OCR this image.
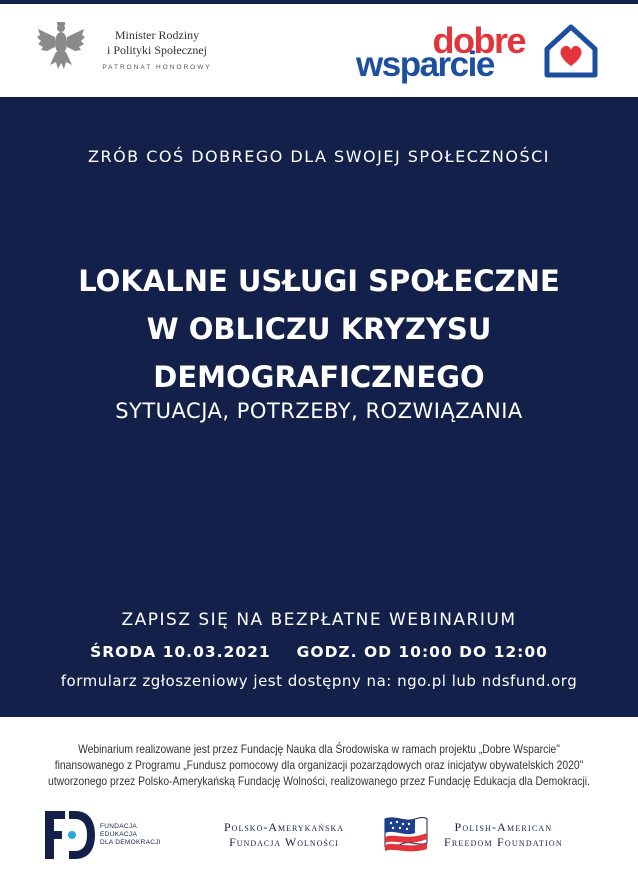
Minister Rodziny
i Polityki Społecznej
PATRONAT HONOROWY
dobre
wsparcie
ZRÓB COŚ DOBREGO DLA SWOJEJ SPOŁECZNOŚCI
LOKALNE USŁUGI SPOŁECZNE
W OBLICZU KRYZYSU
DEMOGRAFICZNEGO
SYTUACJA, POTRZEBY, ROZWIĄZANIA
ZAPISZ SIĘ NA BEZPŁATNE WEBINARIUM
ŚRODA 10.03.2021 GODZ. OD 10:00 DO 12:00
formularz zgłoszeniowy jest dostępny na: ngo.pl lub ndsfund.org
Webinarium realizowane jest przez Fundację Nauka dla Środowiska w ramach projektu „Dobre Wsparcie"
finansowanego z Programu „Fundusz pomocowy dla organizacji pozarządowych oraz inicjatyw obywatelskich 2020"
utworzonego przez Polsko-Amerykańską Fundację Wolności, realizowanego przez Fundację Edukacja dla Demokracji.
FUNDACJA
EDUKACJA
DLA DEMOKRACJI
Polsko-Amerykańska
Fundacja Wolności
Polish-American
Freedom Foundation
